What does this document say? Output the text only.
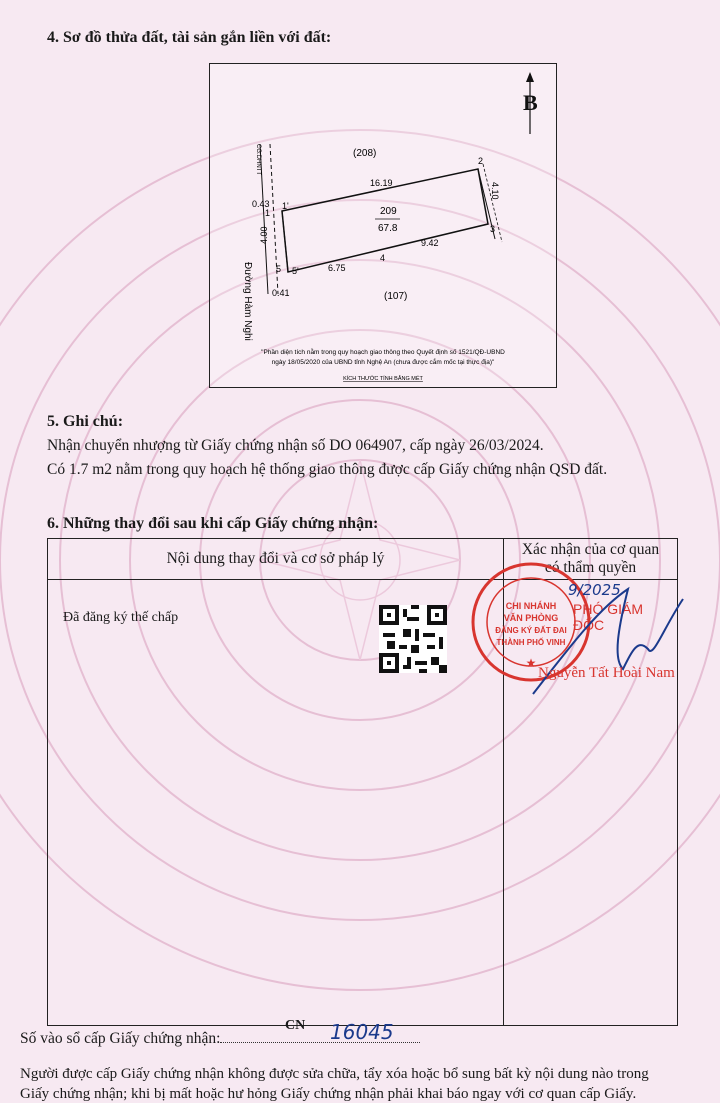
4. Sơ đồ thửa đất, tài sản gắn liền với đất:
B
(208)
(107)
209
67.8
16.19
9.42
6.75
0.43
0.41
2
3
4
1
1'
5 5'
4.10
4.00
Đường Hàm Nghi
CG:DHNTT
"Phần diện tích nằm trong quy hoạch giao thông theo Quyết định số 1521/QĐ-UBND
ngày 18/05/2020 của UBND tỉnh Nghệ An (chưa được cắm mốc tại thực địa)"
KÍCH THƯỚC TÍNH BẰNG MÉT
5. Ghi chú:
Nhận chuyển nhượng từ Giấy chứng nhận số DO 064907, cấp ngày 26/03/2024.
Có 1.7 m2 nằm trong quy hoạch hệ thống giao thông được cấp Giấy chứng nhận QSD đất.
6. Những thay đổi sau khi cấp Giấy chứng nhận:
Nội dung thay đổi và cơ sở pháp lý
Xác nhận của cơ quan
có thẩm quyền
Đã đăng ký thế chấp
CHI NHÁNH
VĂN PHÒNG
ĐĂNG KÝ ĐẤT ĐAI
THÀNH PHỐ VINH
★
9/2025
PHÓ GIÁM ĐỐC
Nguyễn Tất Hoài Nam
Số vào sổ cấp Giấy chứng nhận:
CN 16045
Người được cấp Giấy chứng nhận không được sửa chữa, tẩy xóa hoặc bổ sung bất kỳ nội dung nào trong
Giấy chứng nhận; khi bị mất hoặc hư hỏng Giấy chứng nhận phải khai báo ngay với cơ quan cấp Giấy.
